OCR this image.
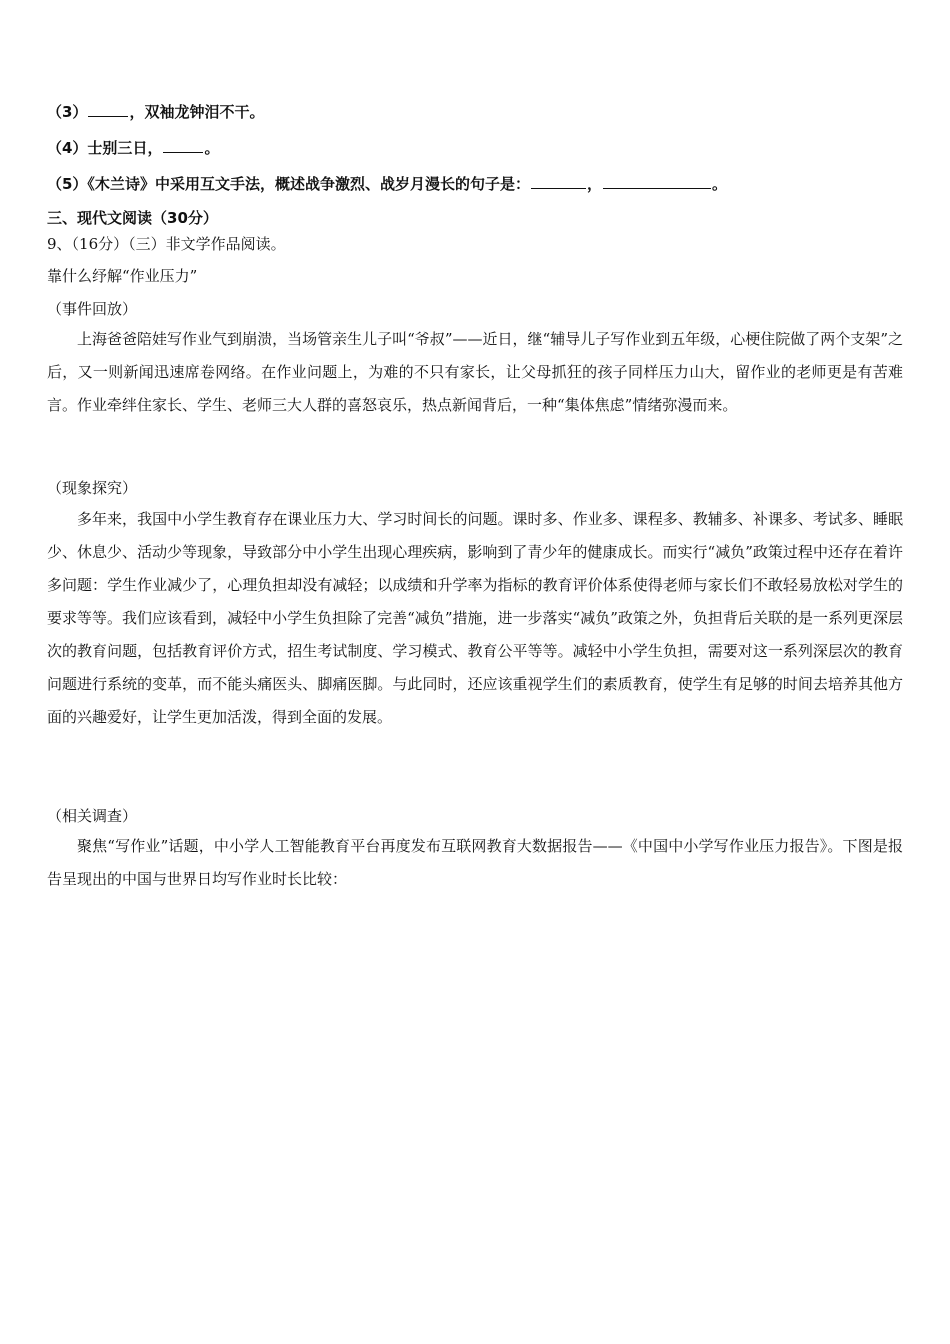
（3）	，双袖龙钟泪不干。
（4）士别三日，	。
（5）《木兰诗》中采用互文手法，概述战争激烈、战岁月漫长的句子是：	，	。
三、现代文阅读（30分）
9、（16分）（三）非文学作品阅读。
靠什么纾解“作业压力”
（事件回放）
上海爸爸陪娃写作业气到崩溃，当场管亲生儿子叫“爷叔”——近日，继“辅导儿子写作业到五年级，心梗住院做了两个支架”之后，又一则新闻迅速席卷网络。在作业问题上，为难的不只有家长，让父母抓狂的孩子同样压力山大，留作业的老师更是有苦难言。作业牵绊住家长、学生、老师三大人群的喜怒哀乐，热点新闻背后，一种“集体焦虑”情绪弥漫而来。
（现象探究）
多年来，我国中小学生教育存在课业压力大、学习时间长的问题。课时多、作业多、课程多、教辅多、补课多、考试多、睡眠少、休息少、活动少等现象，导致部分中小学生出现心理疾病，影响到了青少年的健康成长。而实行“减负”政策过程中还存在着许多问题：学生作业减少了，心理负担却没有减轻；以成绩和升学率为指标的教育评价体系使得老师与家长们不敢轻易放松对学生的要求等等。我们应该看到，减轻中小学生负担除了完善“减负”措施，进一步落实“减负”政策之外，负担背后关联的是一系列更深层次的教育问题，包括教育评价方式，招生考试制度、学习模式、教育公平等等。减轻中小学生负担，需要对这一系列深层次的教育问题进行系统的变革，而不能头痛医头、脚痛医脚。与此同时，还应该重视学生们的素质教育，使学生有足够的时间去培养其他方面的兴趣爱好，让学生更加活泼，得到全面的发展。
（相关调查）
聚焦“写作业”话题，中小学人工智能教育平台再度发布互联网教育大数据报告——《中国中小学写作业压力报告》。下图是报告呈现出的中国与世界日均写作业时长比较：
